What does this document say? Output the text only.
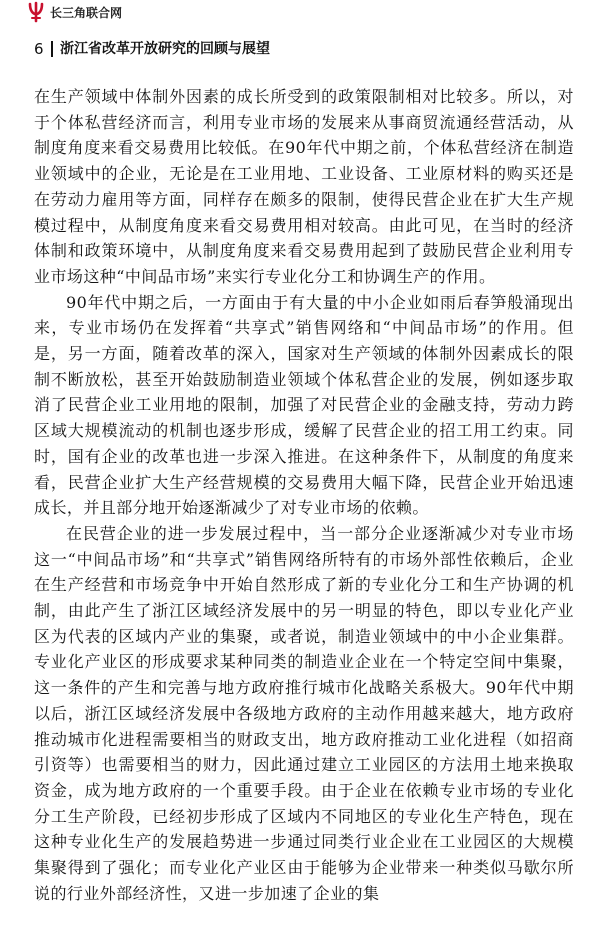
长三角联合网
6 浙江省改革开放研究的回顾与展望

在生产领域中体制外因素的成长所受到的政策限制相对比较多。所以，对于个体私营经济而言，利用专业市场的发展来从事商贸流通经营活动，从制度角度来看交易费用比较低。在90年代中期之前，个体私营经济在制造业领域中的企业，无论是在工业用地、工业设备、工业原材料的购买还是在劳动力雇用等方面，同样存在颇多的限制，使得民营企业在扩大生产规模过程中，从制度角度来看交易费用相对较高。由此可见，在当时的经济体制和政策环境中，从制度角度来看交易费用起到了鼓励民营企业利用专业市场这种“中间品市场”来实行专业化分工和协调生产的作用。

90年代中期之后，一方面由于有大量的中小企业如雨后春笋般涌现出来，专业市场仍在发挥着“共享式”销售网络和“中间品市场”的作用。但是，另一方面，随着改革的深入，国家对生产领域的体制外因素成长的限制不断放松，甚至开始鼓励制造业领域个体私营企业的发展，例如逐步取消了民营企业工业用地的限制，加强了对民营企业的金融支持，劳动力跨区域大规模流动的机制也逐步形成，缓解了民营企业的招工用工约束。同时，国有企业的改革也进一步深入推进。在这种条件下，从制度的角度来看，民营企业扩大生产经营规模的交易费用大幅下降，民营企业开始迅速成长，并且部分地开始逐渐减少了对专业市场的依赖。

在民营企业的进一步发展过程中，当一部分企业逐渐减少对专业市场这一“中间品市场”和“共享式”销售网络所特有的市场外部性依赖后，企业在生产经营和市场竞争中开始自然形成了新的专业化分工和生产协调的机制，由此产生了浙江区域经济发展中的另一明显的特色，即以专业化产业区为代表的区域内产业的集聚，或者说，制造业领域中的中小企业集群。专业化产业区的形成要求某种同类的制造业企业在一个特定空间中集聚，这一条件的产生和完善与地方政府推行城市化战略关系极大。90年代中期以后，浙江区域经济发展中各级地方政府的主动作用越来越大，地方政府推动城市化进程需要相当的财政支出，地方政府推动工业化进程（如招商引资等）也需要相当的财力，因此通过建立工业园区的方法用土地来换取资金，成为地方政府的一个重要手段。由于企业在依赖专业市场的专业化分工生产阶段，已经初步形成了区域内不同地区的专业化生产特色，现在这种专业化生产的发展趋势进一步通过同类行业企业在工业园区的大规模集聚得到了强化；而专业化产业区由于能够为企业带来一种类似马歇尔所说的行业外部经济性，又进一步加速了企业的集
